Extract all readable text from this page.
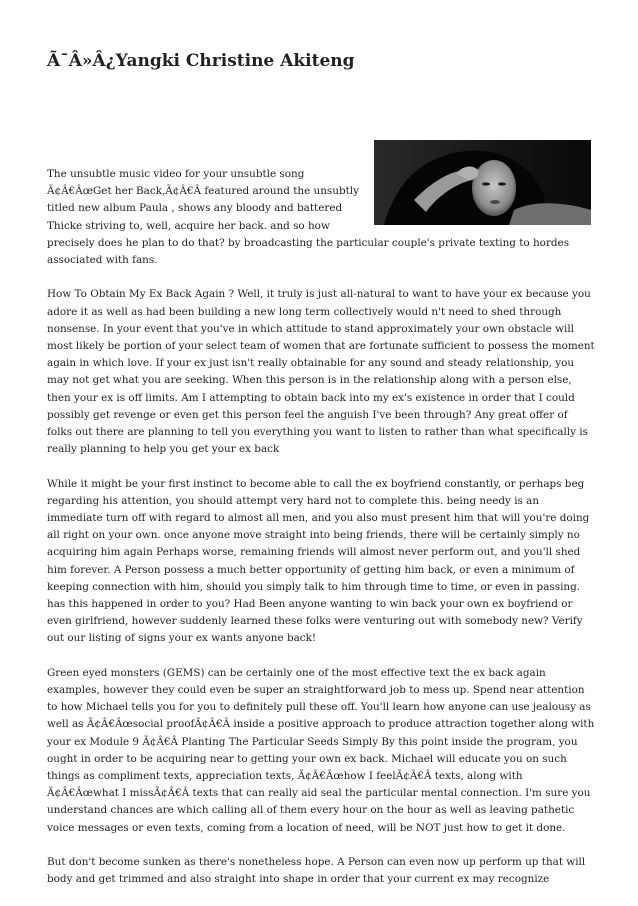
Ã¯Â»Â¿Yangki Christine Akiteng

The unsubtle music video for your unsubtle song Ã¢Â€ÂœGet her Back,Ã¢Â€Â featured around the unsubtly titled new album Paula , shows any bloody and battered Thicke striving to, well, acquire her back. and so how

precisely does he plan to do that? by broadcasting the particular couple's private texting to hordes associated with fans.

How To Obtain My Ex Back Again ? Well, it truly is just all-natural to want to have your ex because you adore it as well as had been building a new long term collectively would n't need to shed through nonsense. In your event that you've in which attitude to stand approximately your own obstacle will most likely be portion of your select team of women that are fortunate sufficient to possess the moment again in which love. If your ex just isn't really obtainable for any sound and steady relationship, you may not get what you are seeking. When this person is in the relationship along with a person else, then your ex is off limits. Am I attempting to obtain back into my ex's existence in order that I could possibly get revenge or even get this person feel the anguish I've been through? Any great offer of folks out there are planning to tell you everything you want to listen to rather than what specifically is really planning to help you get your ex back

While it might be your first instinct to become able to call the ex boyfriend constantly, or perhaps beg regarding his attention, you should attempt very hard not to complete this. being needy is an immediate turn off with regard to almost all men, and you also must present him that will you're doing all right on your own. once anyone move straight into being friends, there will be certainly simply no acquiring him again Perhaps worse, remaining friends will almost never perform out, and you'll shed him forever. A Person possess a much better opportunity of getting him back, or even a minimum of keeping connection with him, should you simply talk to him through time to time, or even in passing. has this happened in order to you? Had Been anyone wanting to win back your own ex boyfriend or even girlfriend, however suddenly learned these folks were venturing out with somebody new? Verify out our listing of signs your ex wants anyone back!

Green eyed monsters (GEMS) can be certainly one of the most effective text the ex back again examples, however they could even be super an straightforward job to mess up. Spend near attention to how Michael tells you for you to definitely pull these off. You'll learn how anyone can use jealousy as well as Ã¢Â€Âœsocial proofÃ¢Â€Â inside a positive approach to produce attraction together along with your ex Module 9 Ã¢Â€Â Planting The Particular Seeds Simply By this point inside the program, you ought in order to be acquiring near to getting your own ex back. Michael will educate you on such things as compliment texts, appreciation texts, Ã¢Â€Âœhow I feelÃ¢Â€Â texts, along with Ã¢Â€Âœwhat I missÃ¢Â€Â texts that can really aid seal the particular mental connection. I'm sure you understand chances are which calling all of them every hour on the hour as well as leaving pathetic voice messages or even texts, coming from a location of need, will be NOT just how to get it done.

But don't become sunken as there's nonetheless hope. A Person can even now up perform up that will body and get trimmed and also straight into shape in order that your current ex may recognize
